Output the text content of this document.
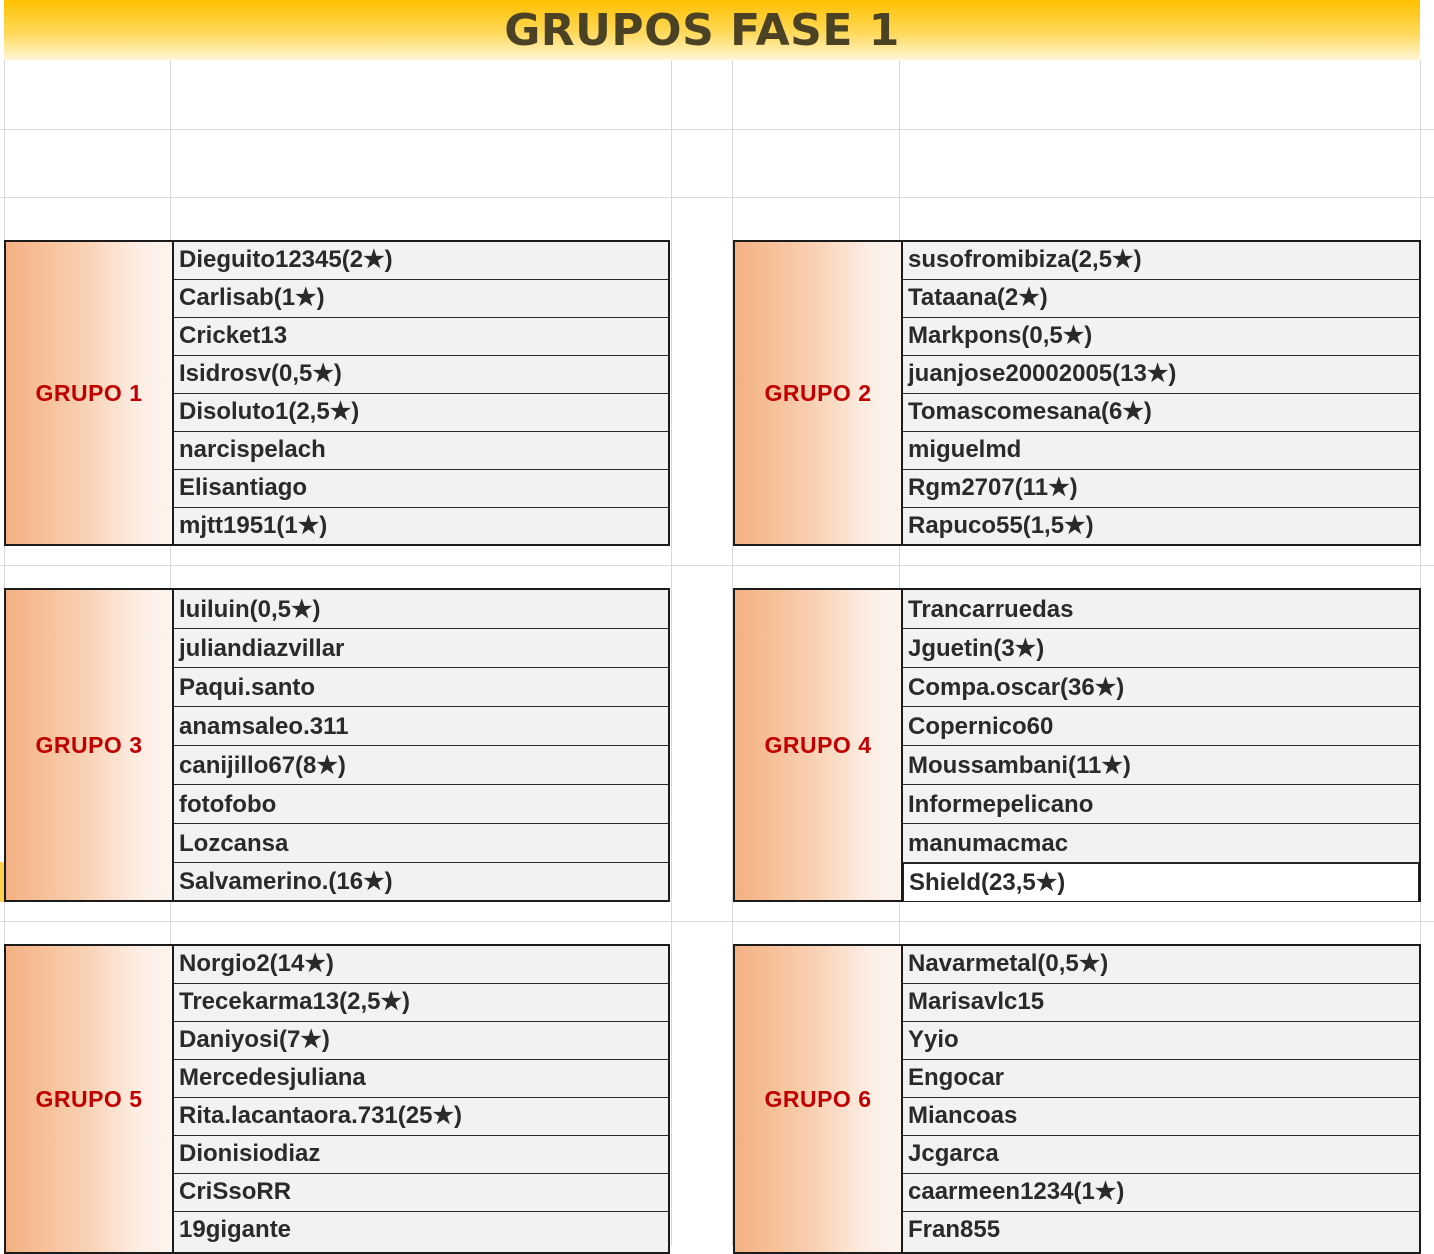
GRUPOS FASE 1
GRUPO 1
Dieguito12345(2★)
Carlisab(1★)
Cricket13
Isidrosv(0,5★)
Disoluto1(2,5★)
narcispelach
Elisantiago
mjtt1951(1★)
GRUPO 2
susofromibiza(2,5★)
Tataana(2★)
Markpons(0,5★)
juanjose20002005(13★)
Tomascomesana(6★)
miguelmd
Rgm2707(11★)
Rapuco55(1,5★)
GRUPO 3
luiluin(0,5★)
juliandiazvillar
Paqui.santo
anamsaleo.311
canijillo67(8★)
fotofobo
Lozcansa
Salvamerino.(16★)
GRUPO 4
Trancarruedas
Jguetin(3★)
Compa.oscar(36★)
Copernico60
Moussambani(11★)
Informepelicano
manumacmac
Shield(23,5★)
GRUPO 5
Norgio2(14★)
Trecekarma13(2,5★)
Daniyosi(7★)
Mercedesjuliana
Rita.lacantaora.731(25★)
Dionisiodiaz
CriSsoRR
19gigante
GRUPO 6
Navarmetal(0,5★)
Marisavlc15
Yyio
Engocar
Miancoas
Jcgarca
caarmeen1234(1★)
Fran855
